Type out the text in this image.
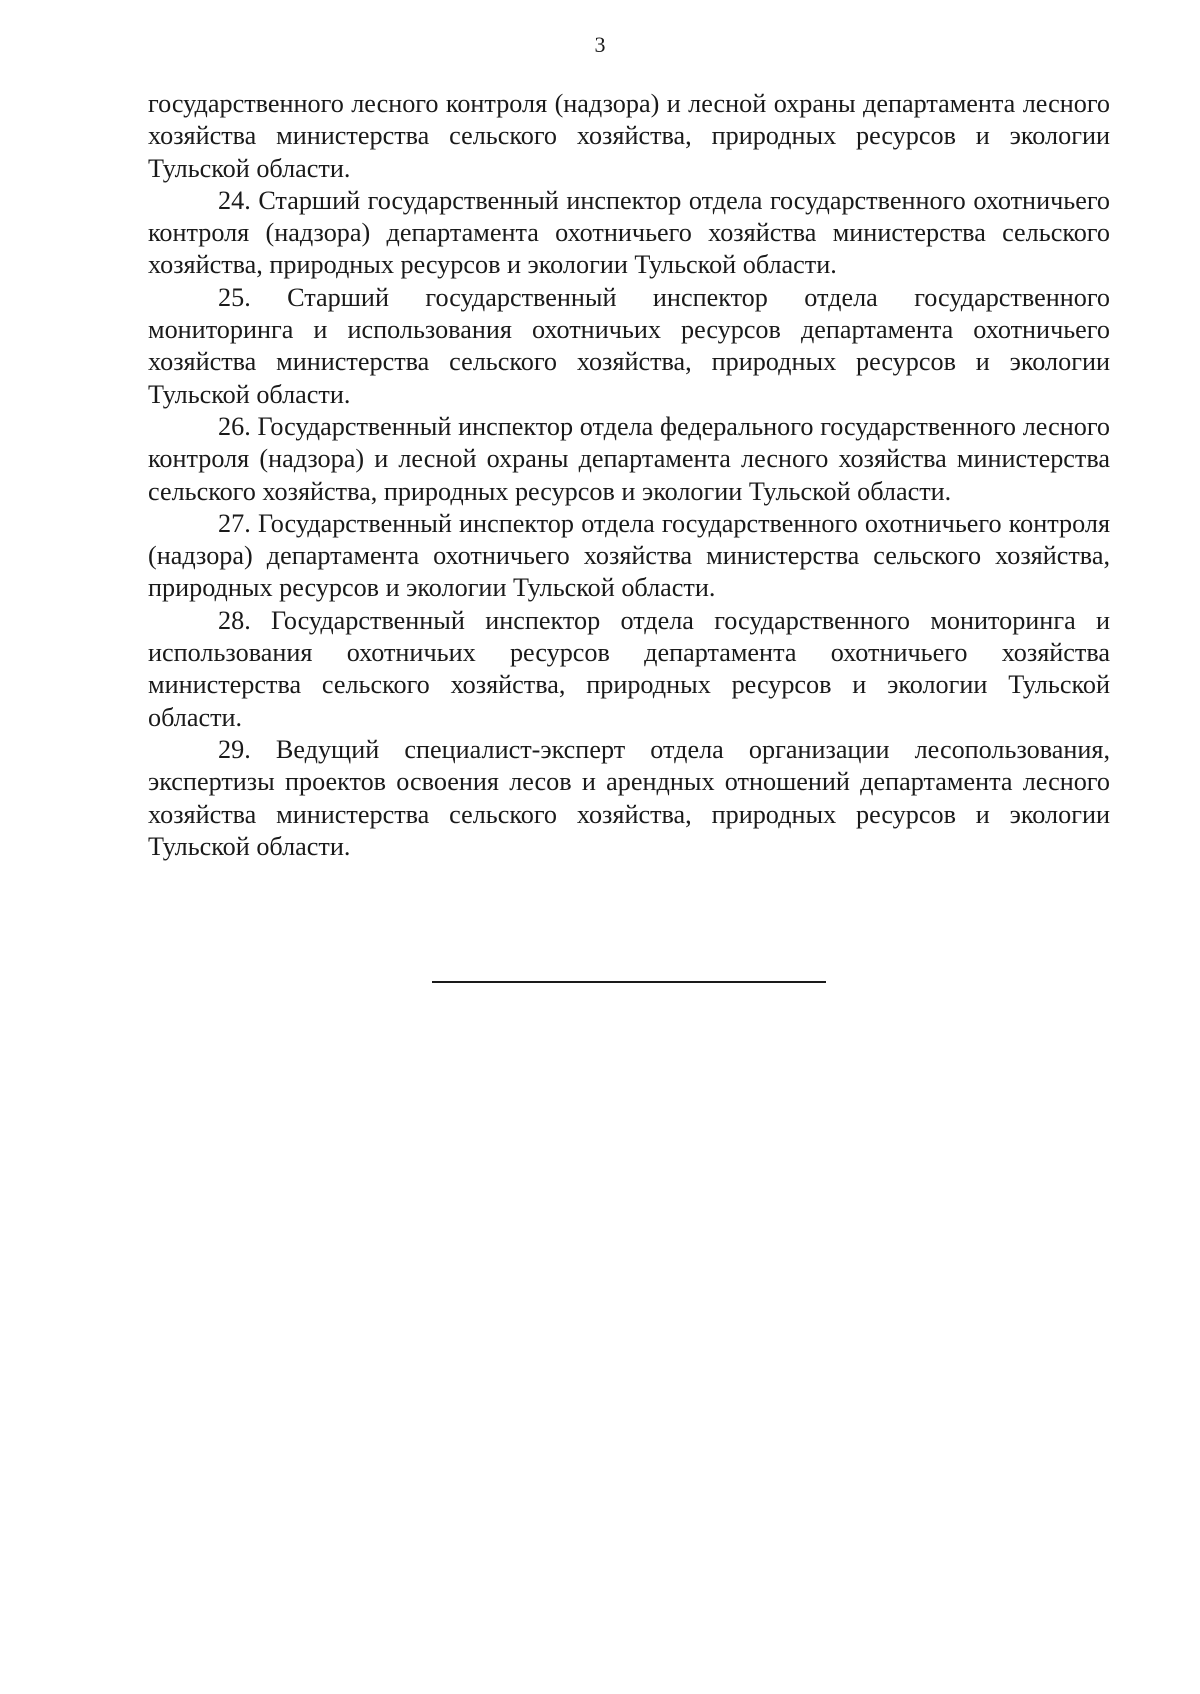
3

государственного лесного контроля (надзора) и лесной охраны департамента лесного хозяйства министерства сельского хозяйства, природных ресурсов и экологии Тульской области.

24. Старший государственный инспектор отдела государственного охотничьего контроля (надзора) департамента охотничьего хозяйства министерства сельского хозяйства, природных ресурсов и экологии Тульской области.

25. Старший государственный инспектор отдела государственного мониторинга и использования охотничьих ресурсов департамента охотничьего хозяйства министерства сельского хозяйства, природных ресурсов и экологии Тульской области.

26. Государственный инспектор отдела федерального государственного лесного контроля (надзора) и лесной охраны департамента лесного хозяйства министерства сельского хозяйства, природных ресурсов и экологии Тульской области.

27. Государственный инспектор отдела государственного охотничьего контроля (надзора) департамента охотничьего хозяйства министерства сельского хозяйства, природных ресурсов и экологии Тульской области.

28. Государственный инспектор отдела государственного мониторинга и использования охотничьих ресурсов департамента охотничьего хозяйства министерства сельского хозяйства, природных ресурсов и экологии Тульской области.

29. Ведущий специалист-эксперт отдела организации лесопользования, экспертизы проектов освоения лесов и арендных отношений департамента лесного хозяйства министерства сельского хозяйства, природных ресурсов и экологии Тульской области.
